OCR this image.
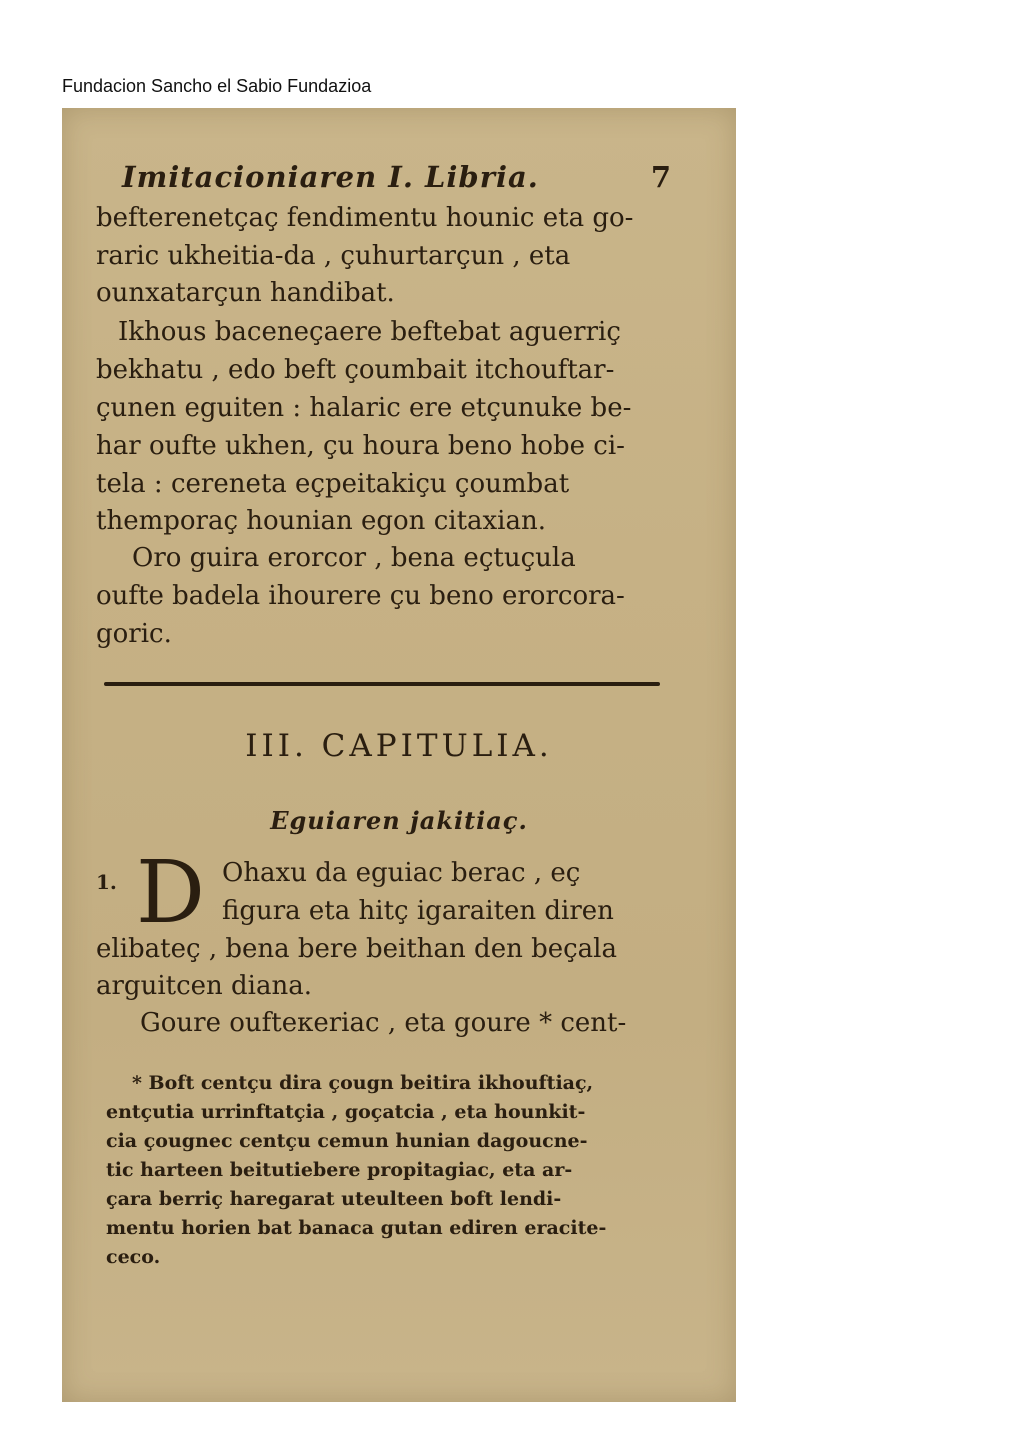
Fundacion Sancho el Sabio Fundazioa
Imitacioniaren I. Libria.	7
befterenetçaç fendimentu hounic eta go-
raric ukheitia-da , çuhurtarçun , eta
ounxatarçun handibat.
Ikhous baceneçaere beftebat aguerriç
bekhatu , edo beft çoumbait itchouftar-
çunen eguiten : halaric ere etçunuke be-
har oufte ukhen, çu houra beno hobe ci-
tela : cereneta eçpeitakiçu çoumbat
themporaç hounian egon citaxian.
Oro guira erorcor , bena eçtuçula
oufte badela ihourere çu beno erorcora-
goric.
III. CAPITULIA.
Eguiaren jakitiaç.
1. D Ohaxu da eguiac berac , eç
figura eta hitç igaraiten diren
elibateç , bena bere beithan den beçala
arguitcen diana.
Goure oufteкeriac , eta goure * cent-
* Boft centçu dira çougn beitira ikhouftiaç,
entçutia urrinftatçia , goçatcia , eta hounkit-
cia çougnec centçu cemun hunian dagoucne-
tic harteen beitutiebere propitagiac, eta ar-
çara berriç haregarat uteulteen boft lendi-
mentu horien bat banaca gutan ediren eracite-
ceco.
